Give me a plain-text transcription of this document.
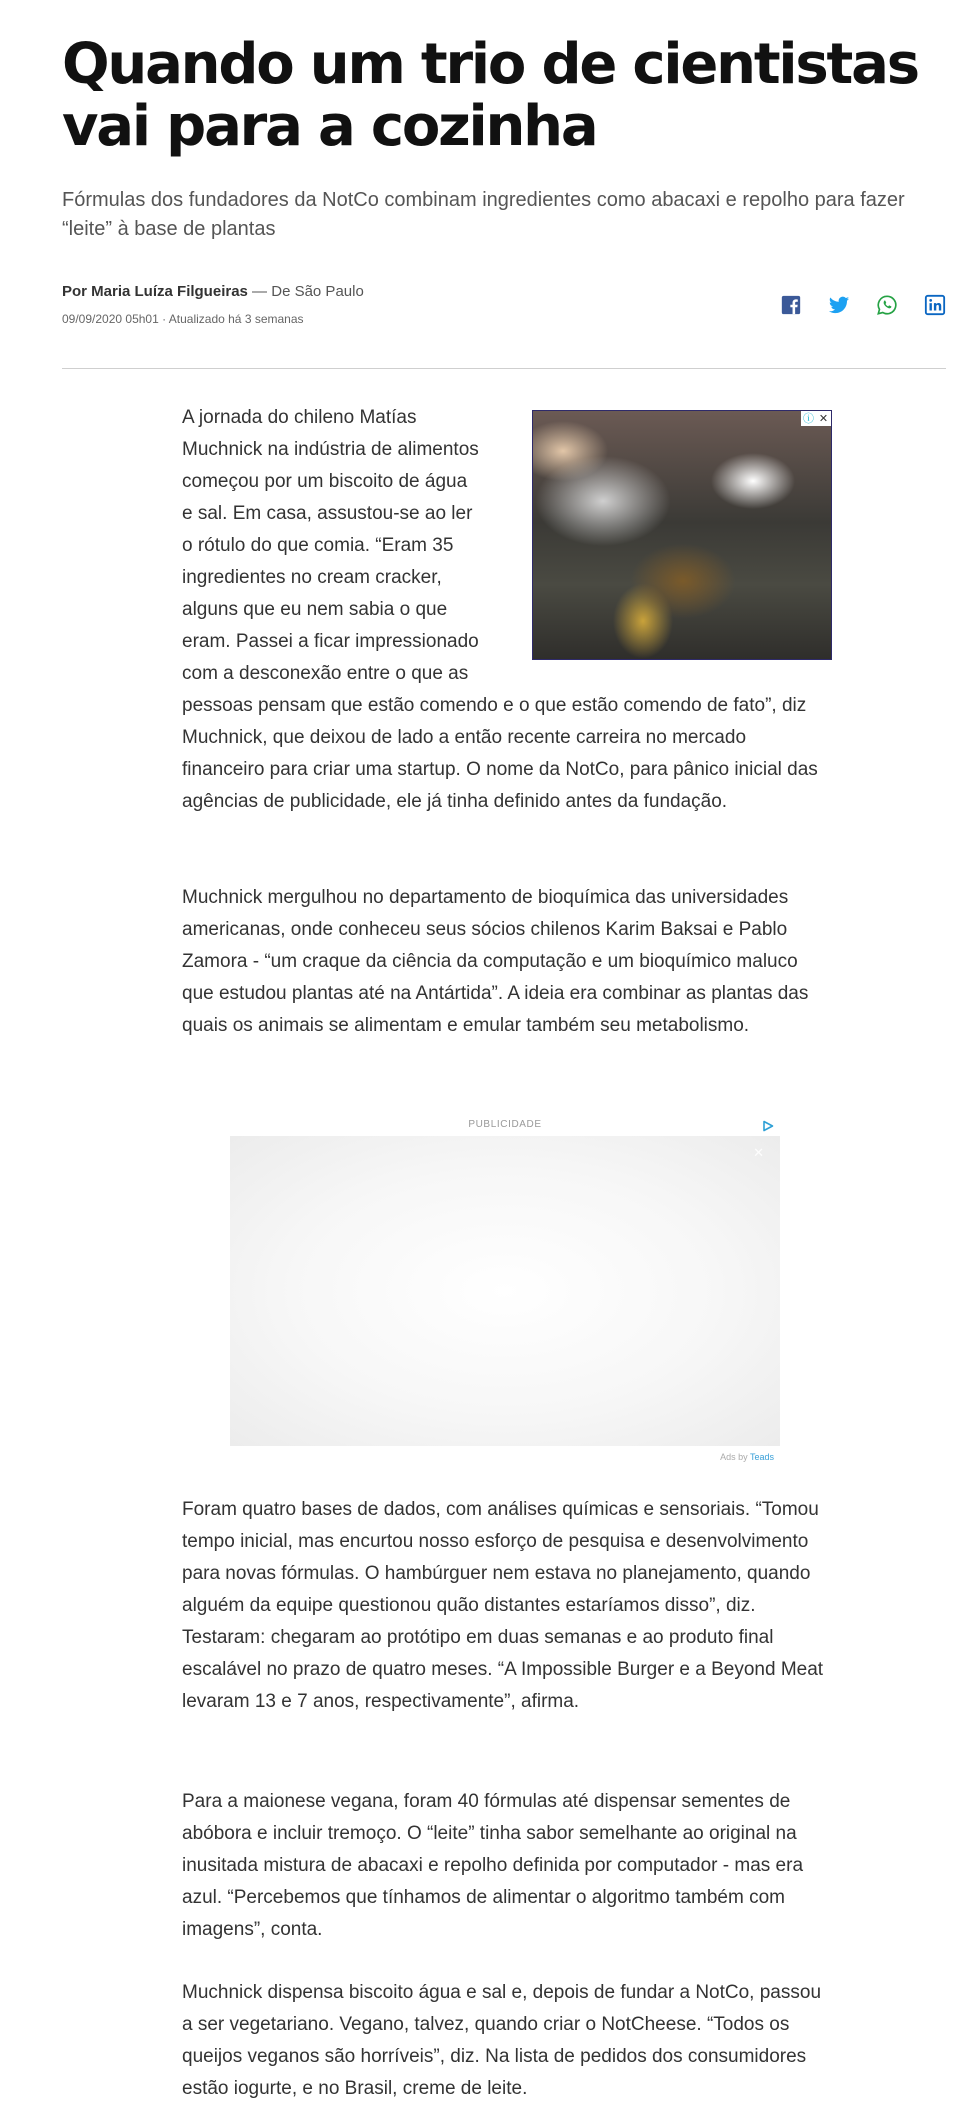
Quando um trio de cientistas vai para a cozinha

Fórmulas dos fundadores da NotCo combinam ingredientes como abacaxi e repolho para fazer “leite” à base de plantas

Por Maria Luíza Filgueiras — De São Paulo
09/09/2020 05h01 · Atualizado há 3 semanas
ⓘ ✕
A jornada do chileno Matías Muchnick na indústria de alimentos começou por um biscoito de água e sal. Em casa, assustou-se ao ler o rótulo do que comia. “Eram 35 ingredientes no cream cracker, alguns que eu nem sabia o que eram. Passei a ficar impressionado com a desconexão entre o que as pessoas pensam que estão comendo e o que estão comendo de fato”, diz Muchnick, que deixou de lado a então recente carreira no mercado financeiro para criar uma startup. O nome da NotCo, para pânico inicial das agências de publicidade, ele já tinha definido antes da fundação.

Muchnick mergulhou no departamento de bioquímica das universidades americanas, onde conheceu seus sócios chilenos Karim Baksai e Pablo Zamora - “um craque da ciência da computação e um bioquímico maluco que estudou plantas até na Antártida”. A ideia era combinar as plantas das quais os animais se alimentam e emular também seu metabolismo.

PUBLICIDADE
✕
Ads by Teads

Foram quatro bases de dados, com análises químicas e sensoriais. “Tomou tempo inicial, mas encurtou nosso esforço de pesquisa e desenvolvimento para novas fórmulas. O hambúrguer nem estava no planejamento, quando alguém da equipe questionou quão distantes estaríamos disso”, diz. Testaram: chegaram ao protótipo em duas semanas e ao produto final escalável no prazo de quatro meses. “A Impossible Burger e a Beyond Meat levaram 13 e 7 anos, respectivamente”, afirma.

Para a maionese vegana, foram 40 fórmulas até dispensar sementes de abóbora e incluir tremoço. O “leite” tinha sabor semelhante ao original na inusitada mistura de abacaxi e repolho definida por computador - mas era azul. “Percebemos que tínhamos de alimentar o algoritmo também com imagens”, conta.

Muchnick dispensa biscoito água e sal e, depois de fundar a NotCo, passou a ser vegetariano. Vegano, talvez, quando criar o NotCheese. “Todos os queijos veganos são horríveis”, diz. Na lista de pedidos dos consumidores estão iogurte, e no Brasil, creme de leite.
